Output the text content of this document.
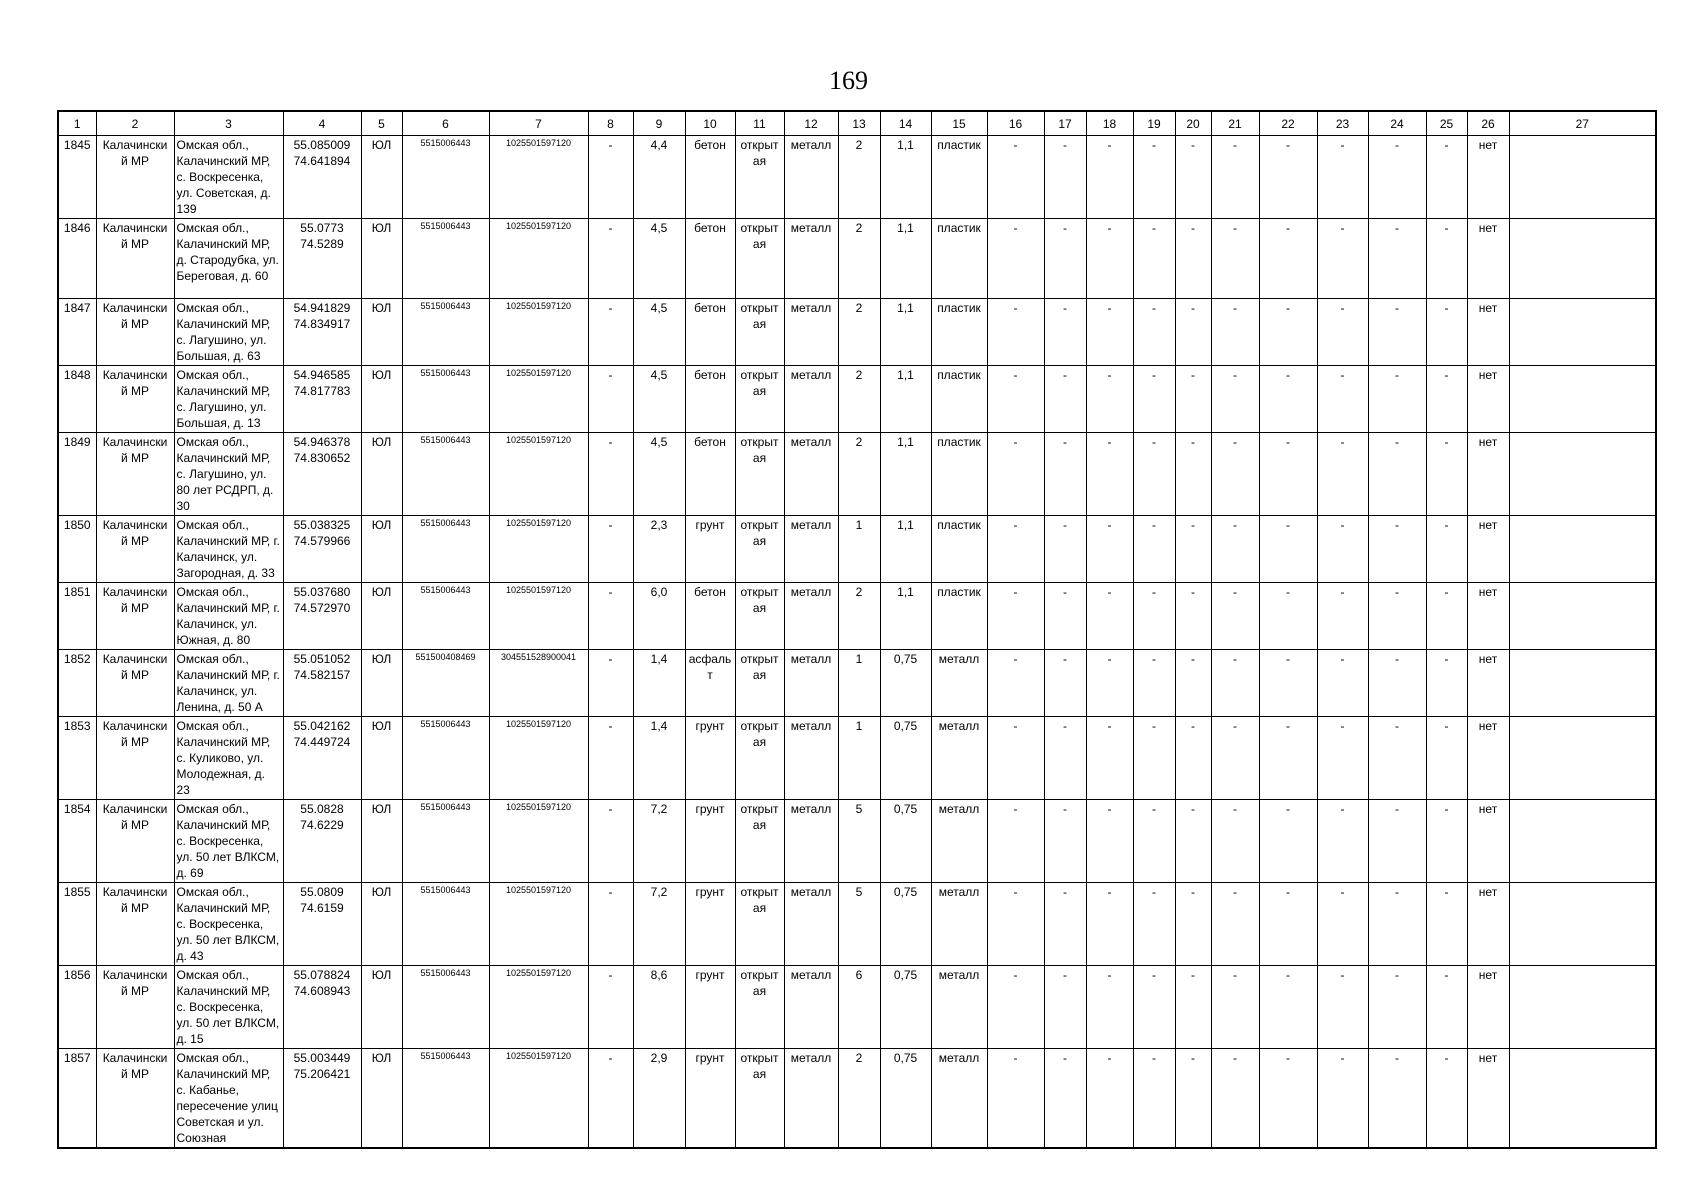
169
1	2	3	4	5	6	7	8	9	10	11	12	13	14	15	16	17	18	19	20	21	22	23	24	25	26	27
1845	Калачински й МР	Омская обл., Калачинский МР, с. Воскресенка, ул. Советская, д. 139	55.085009
74.641894	ЮЛ	5515006443	1025501597120	-	4,4	бетон	открыт ая	металл	2	1,1	пластик	-	-	-	-	-	-	-	-	-	-	нет	
1846	Калачински й МР	Омская обл., Калачинский МР, д. Стародубка, ул. Береговая, д. 60	55.0773
74.5289	ЮЛ	5515006443	1025501597120	-	4,5	бетон	открыт ая	металл	2	1,1	пластик	-	-	-	-	-	-	-	-	-	-	нет	
1847	Калачински й МР	Омская обл., Калачинский МР, с. Лагушино, ул. Большая, д. 63	54.941829
74.834917	ЮЛ	5515006443	1025501597120	-	4,5	бетон	открыт ая	металл	2	1,1	пластик	-	-	-	-	-	-	-	-	-	-	нет	
1848	Калачински й МР	Омская обл., Калачинский МР, с. Лагушино, ул. Большая, д. 13	54.946585
74.817783	ЮЛ	5515006443	1025501597120	-	4,5	бетон	открыт ая	металл	2	1,1	пластик	-	-	-	-	-	-	-	-	-	-	нет	
1849	Калачински й МР	Омская обл., Калачинский МР, с. Лагушино, ул. 80 лет РСДРП, д. 30	54.946378
74.830652	ЮЛ	5515006443	1025501597120	-	4,5	бетон	открыт ая	металл	2	1,1	пластик	-	-	-	-	-	-	-	-	-	-	нет	
1850	Калачински й МР	Омская обл., Калачинский МР, г. Калачинск, ул. Загородная, д. 33	55.038325
74.579966	ЮЛ	5515006443	1025501597120	-	2,3	грунт	открыт ая	металл	1	1,1	пластик	-	-	-	-	-	-	-	-	-	-	нет	
1851	Калачински й МР	Омская обл., Калачинский МР, г. Калачинск, ул. Южная, д. 80	55.037680
74.572970	ЮЛ	5515006443	1025501597120	-	6,0	бетон	открыт ая	металл	2	1,1	пластик	-	-	-	-	-	-	-	-	-	-	нет	
1852	Калачински й МР	Омская обл., Калачинский МР, г. Калачинск, ул. Ленина, д. 50 А	55.051052
74.582157	ЮЛ	551500408469	304551528900041	-	1,4	асфаль т	открыт ая	металл	1	0,75	металл	-	-	-	-	-	-	-	-	-	-	нет	
1853	Калачински й МР	Омская обл., Калачинский МР, с. Куликово, ул. Молодежная, д. 23	55.042162
74.449724	ЮЛ	5515006443	1025501597120	-	1,4	грунт	открыт ая	металл	1	0,75	металл	-	-	-	-	-	-	-	-	-	-	нет	
1854	Калачински й МР	Омская обл., Калачинский МР, с. Воскресенка, ул. 50 лет ВЛКСМ, д. 69	55.0828
74.6229	ЮЛ	5515006443	1025501597120	-	7,2	грунт	открыт ая	металл	5	0,75	металл	-	-	-	-	-	-	-	-	-	-	нет	
1855	Калачински й МР	Омская обл., Калачинский МР, с. Воскресенка, ул. 50 лет ВЛКСМ, д. 43	55.0809
74.6159	ЮЛ	5515006443	1025501597120	-	7,2	грунт	открыт ая	металл	5	0,75	металл	-	-	-	-	-	-	-	-	-	-	нет	
1856	Калачински й МР	Омская обл., Калачинский МР, с. Воскресенка, ул. 50 лет ВЛКСМ, д. 15	55.078824
74.608943	ЮЛ	5515006443	1025501597120	-	8,6	грунт	открыт ая	металл	6	0,75	металл	-	-	-	-	-	-	-	-	-	-	нет	
1857	Калачински й МР	Омская обл., Калачинский МР, с. Кабанье, пересечение улиц Советская и ул. Союзная	55.003449
75.206421	ЮЛ	5515006443	1025501597120	-	2,9	грунт	открыт ая	металл	2	0,75	металл	-	-	-	-	-	-	-	-	-	-	нет	
